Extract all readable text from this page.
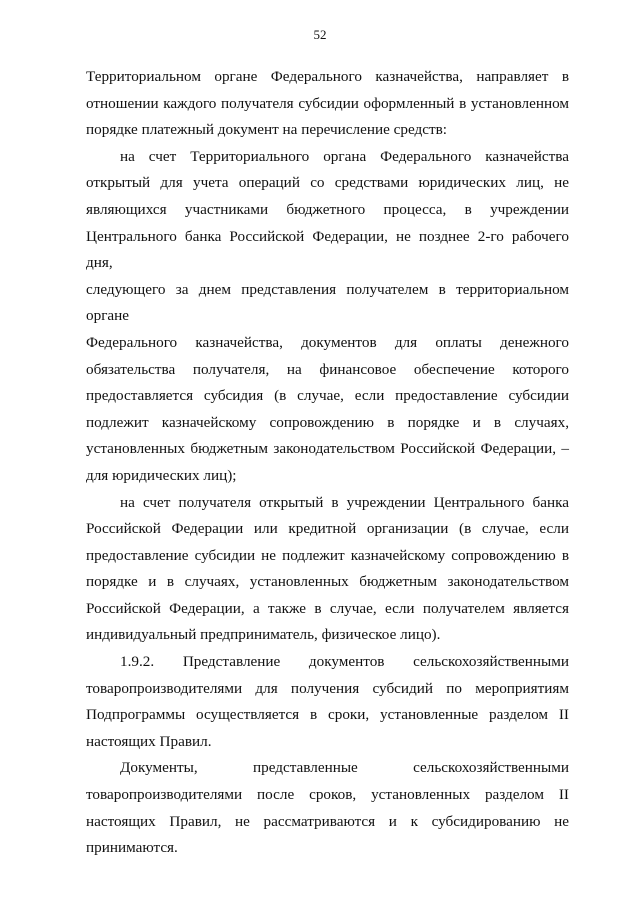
52

Территориальном органе Федерального казначейства, направляет в

отношении каждого получателя субсидии оформленный в установленном

порядке платежный документ на перечисление средств:

на счет Территориального органа Федерального казначейства

открытый для учета операций со средствами юридических лиц, не

являющихся участниками бюджетного процесса, в учреждении

Центрального банка Российской Федерации, не позднее 2-го рабочего дня,

следующего за днем представления получателем в территориальном органе

Федерального казначейства, документов для оплаты денежного

обязательства получателя, на финансовое обеспечение которого

предоставляется субсидия (в случае, если предоставление субсидии

подлежит казначейскому сопровождению в порядке и в случаях,

установленных бюджетным законодательством Российской Федерации, –

для юридических лиц);

на счет получателя открытый в учреждении Центрального банка

Российской Федерации или кредитной организации (в случае, если

предоставление субсидии не подлежит казначейскому сопровождению в

порядке и в случаях, установленных бюджетным законодательством

Российской Федерации, а также в случае, если получателем является

индивидуальный предприниматель, физическое лицо).

1.9.2. Представление документов сельскохозяйственными

товаропроизводителями для получения субсидий по мероприятиям

Подпрограммы осуществляется в сроки, установленные разделом II

настоящих Правил.

Документы, представленные сельскохозяйственными

товаропроизводителями после сроков, установленных разделом II

настоящих Правил, не рассматриваются и к субсидированию не

принимаются.
